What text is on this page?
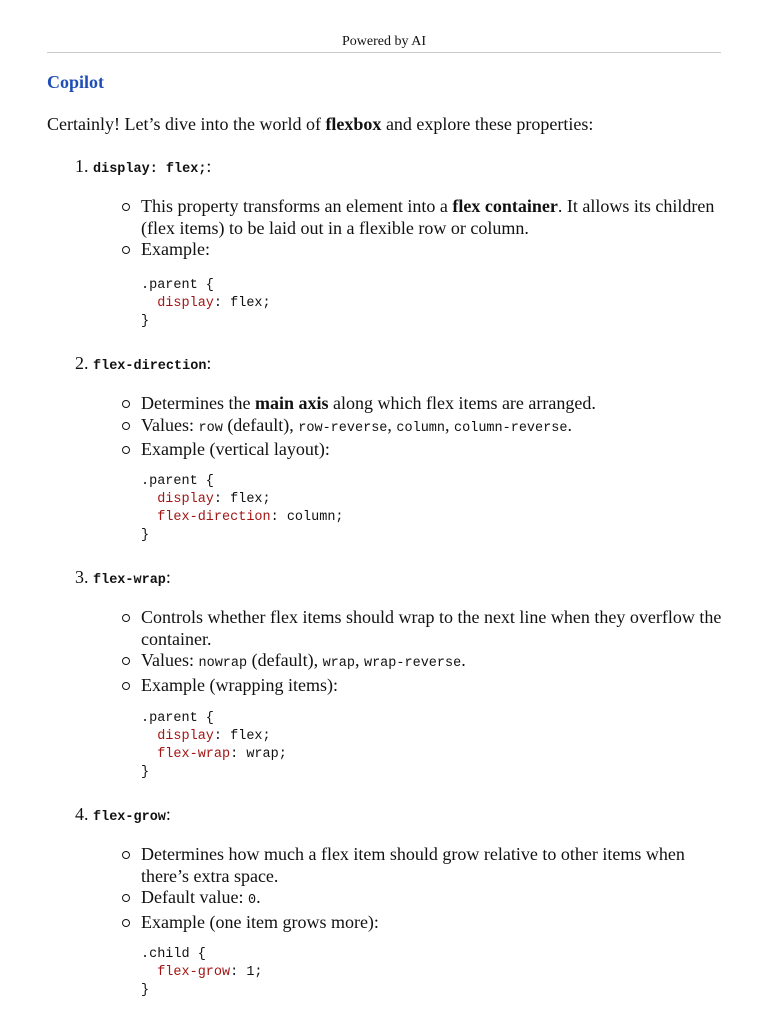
Powered by AI
Copilot
Certainly! Let’s dive into the world of flexbox and explore these properties:
1. display: flex;:
This property transforms an element into a flex container. It allows its children (flex items) to be laid out in a flexible row or column.
Example:
.parent {
display: flex;
}
2. flex-direction:
Determines the main axis along which flex items are arranged.
Values: row (default), row-reverse, column, column-reverse.
Example (vertical layout):
.parent {
display: flex;
flex-direction: column;
}
3. flex-wrap:
Controls whether flex items should wrap to the next line when they overflow the container.
Values: nowrap (default), wrap, wrap-reverse.
Example (wrapping items):
.parent {
display: flex;
flex-wrap: wrap;
}
4. flex-grow:
Determines how much a flex item should grow relative to other items when there’s extra space.
Default value: 0.
Example (one item grows more):
.child {
flex-grow: 1;
}
